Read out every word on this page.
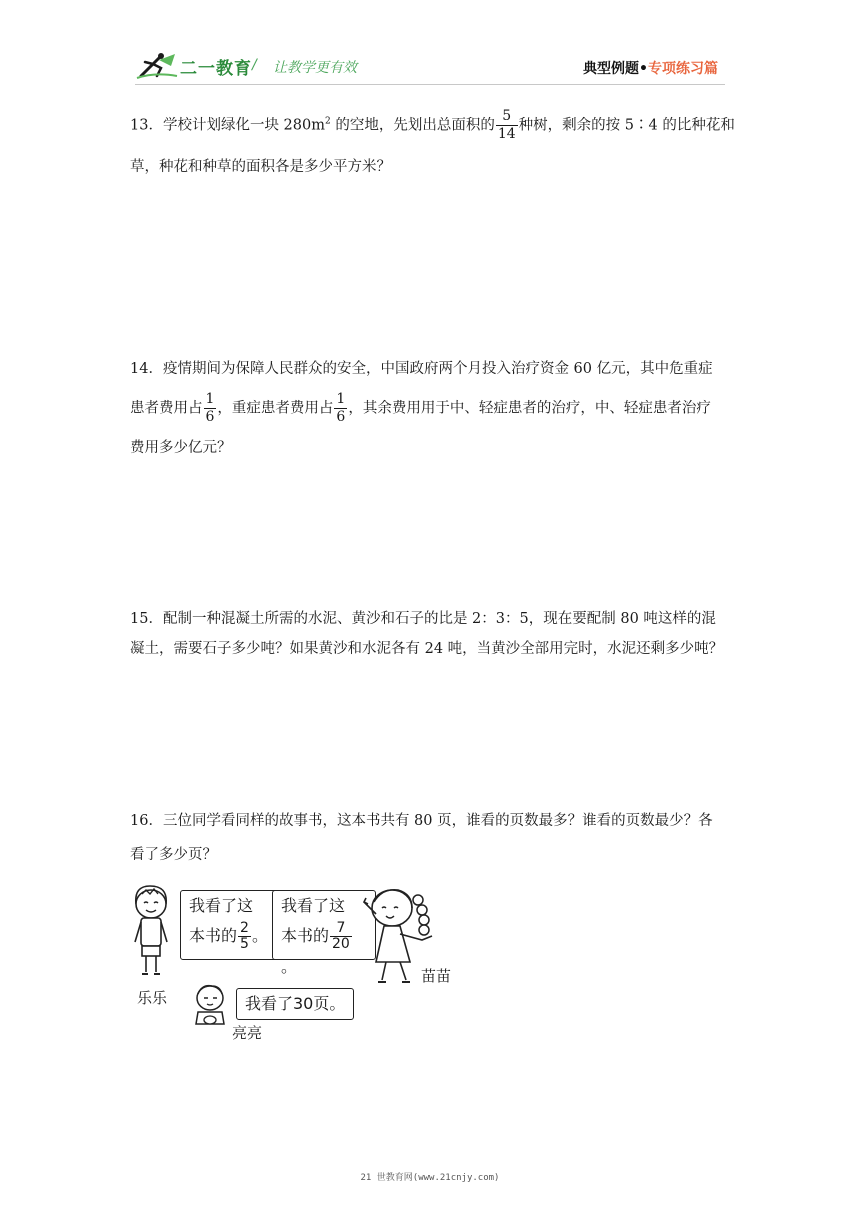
二一教育 / 让教学更有效	典型例题•专项练习篇
13．学校计划绿化一块 $280m^2$ 的空地，先划出总面积的 $\frac{5}{14}$ 种树，剩余的按 5∶4 的比种花和
草，种花和种草的面积各是多少平方米？
14．疫情期间为保障人民群众的安全，中国政府两个月投入治疗资金 60 亿元，其中危重症
患者费用占 $\frac{1}{6}$ ，重症患者费用占 $\frac{1}{6}$ ，其余费用用于中、轻症患者的治疗，中、轻症患者治疗
费用多少亿元？
15．配制一种混凝土所需的水泥、黄沙和石子的比是 2：3：5，现在要配制 80 吨这样的混
凝土，需要石子多少吨？如果黄沙和水泥各有 24 吨，当黄沙全部用完时，水泥还剩多少吨？
16．三位同学看同样的故事书，这本书共有 80 页，谁看的页数最多？谁看的页数最少？各
看了多少页？
我看了这
本书的 $\frac{2}{5}$ 。
我看了这
本书的 $\frac{7}{20}$
。
乐乐
苗苗
我看了30页。
亮亮
21 世教育网(www.21cnjy.com)
